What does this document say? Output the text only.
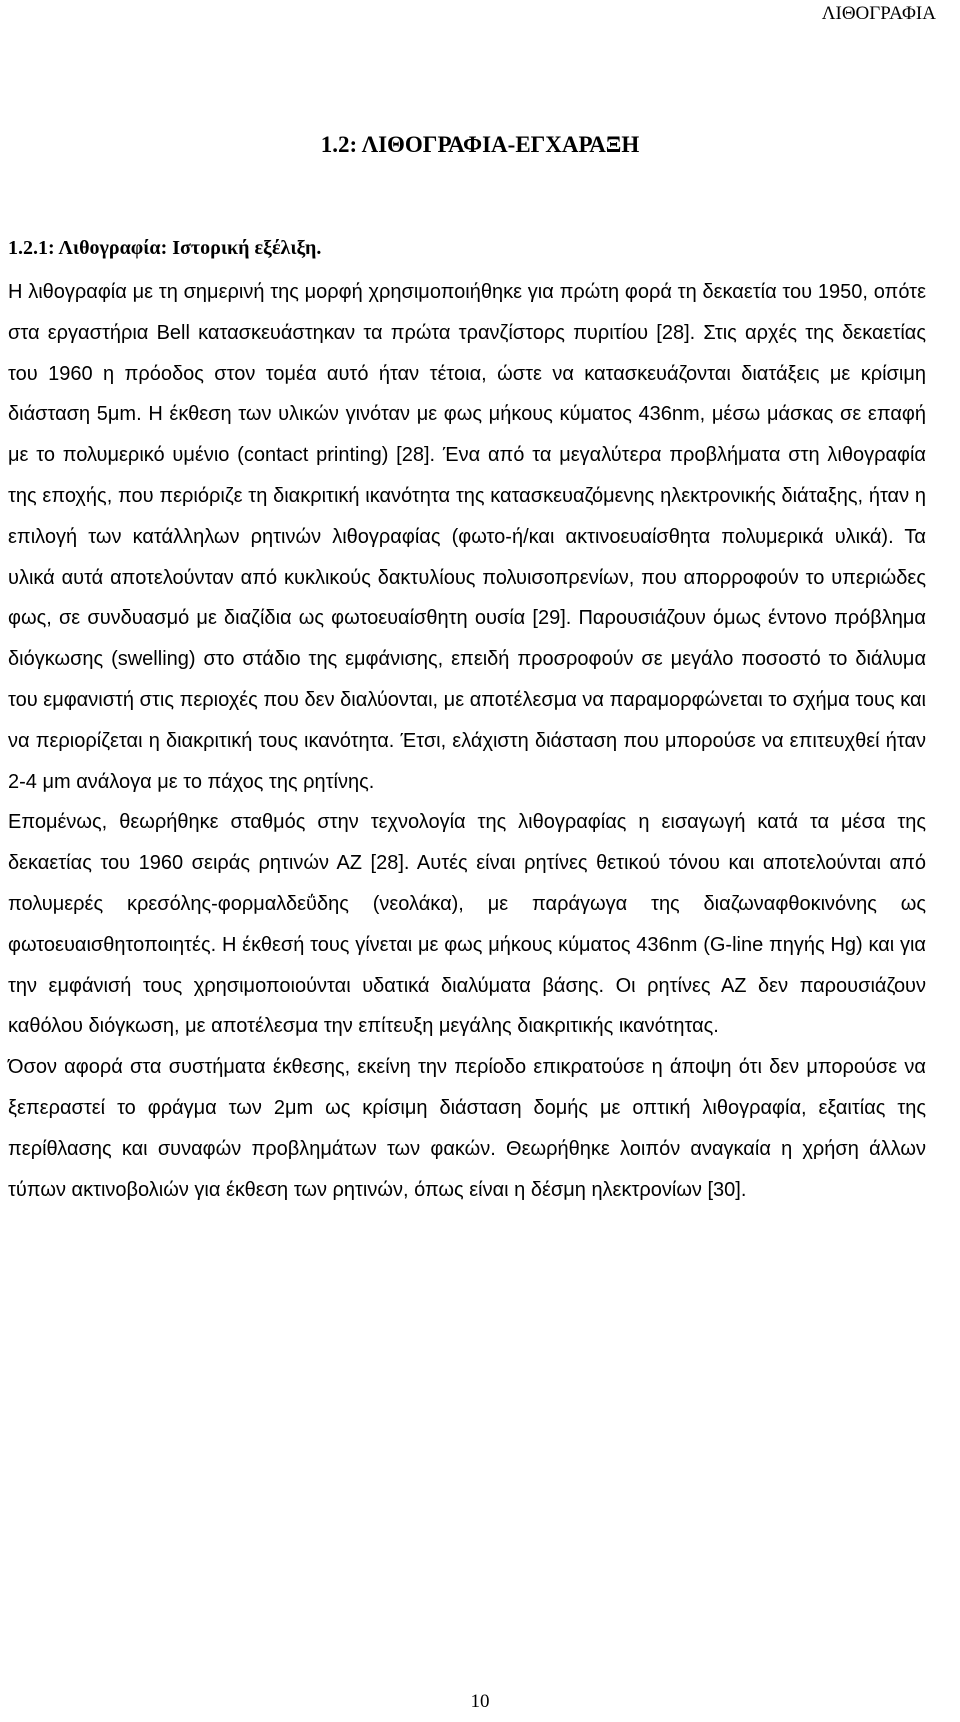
ΛΙΘΟΓΡΑΦΙΑ
1.2: ΛΙΘΟΓΡΑΦΙΑ-ΕΓΧΑΡΑΞΗ
1.2.1: Λιθογραφία: Ιστορική εξέλιξη.

Η λιθογραφία με τη σημερινή της μορφή χρησιμοποιήθηκε για πρώτη φορά τη δεκαετία του 1950, οπότε στα εργαστήρια Bell κατασκευάστηκαν τα πρώτα τρανζίστορς πυριτίου [28]. Στις αρχές της δεκαετίας του 1960 η πρόοδος στον τομέα αυτό ήταν τέτοια, ώστε να κατασκευάζονται διατάξεις με κρίσιμη διάσταση 5μm. Η έκθεση των υλικών γινόταν με φως μήκους κύματος 436nm, μέσω μάσκας σε επαφή με το πολυμερικό υμένιο (contact printing) [28]. Ένα από τα μεγαλύτερα προβλήματα στη λιθογραφία της εποχής, που περιόριζε τη διακριτική ικανότητα της κατασκευαζόμενης ηλεκτρονικής διάταξης, ήταν η επιλογή των κατάλληλων ρητινών λιθογραφίας (φωτο-ή/και ακτινοευαίσθητα πολυμερικά υλικά). Τα υλικά αυτά αποτελούνταν από κυκλικούς δακτυλίους πολυισοπρενίων, που απορροφούν το υπεριώδες φως, σε συνδυασμό με διαζίδια ως φωτοευαίσθητη ουσία [29]. Παρουσιάζουν όμως έντονο πρόβλημα διόγκωσης (swelling) στο στάδιο της εμφάνισης, επειδή προσροφούν σε μεγάλο ποσοστό το διάλυμα του εμφανιστή στις περιοχές που δεν διαλύονται, με αποτέλεσμα να παραμορφώνεται το σχήμα τους και να περιορίζεται η διακριτική τους ικανότητα. Έτσι, ελάχιστη διάσταση που μπορούσε να επιτευχθεί ήταν 2-4 μm ανάλογα με το πάχος της ρητίνης.

Επομένως, θεωρήθηκε σταθμός στην τεχνολογία της λιθογραφίας η εισαγωγή κατά τα μέσα της δεκαετίας του 1960 σειράς ρητινών ΑΖ [28]. Αυτές είναι ρητίνες θετικού τόνου και αποτελούνται από πολυμερές κρεσόλης-φορμαλδεΰδης (νεολάκα), με παράγωγα της διαζωναφθοκινόνης ως φωτοευαισθητοποιητές. Η έκθεσή τους γίνεται με φως μήκους κύματος 436nm (G-line πηγής Hg) και για την εμφάνισή τους χρησιμοποιούνται υδατικά διαλύματα βάσης. Οι ρητίνες ΑΖ δεν παρουσιάζουν καθόλου διόγκωση, με αποτέλεσμα την επίτευξη μεγάλης διακριτικής ικανότητας.

Όσον αφορά στα συστήματα έκθεσης, εκείνη την περίοδο επικρατούσε η άποψη ότι δεν μπορούσε να ξεπεραστεί το φράγμα των 2μm ως κρίσιμη διάσταση δομής με οπτική λιθογραφία, εξαιτίας της περίθλασης και συναφών προβλημάτων των φακών. Θεωρήθηκε λοιπόν αναγκαία η χρήση άλλων τύπων ακτινοβολιών για έκθεση των ρητινών, όπως είναι η δέσμη ηλεκτρονίων [30].

10
